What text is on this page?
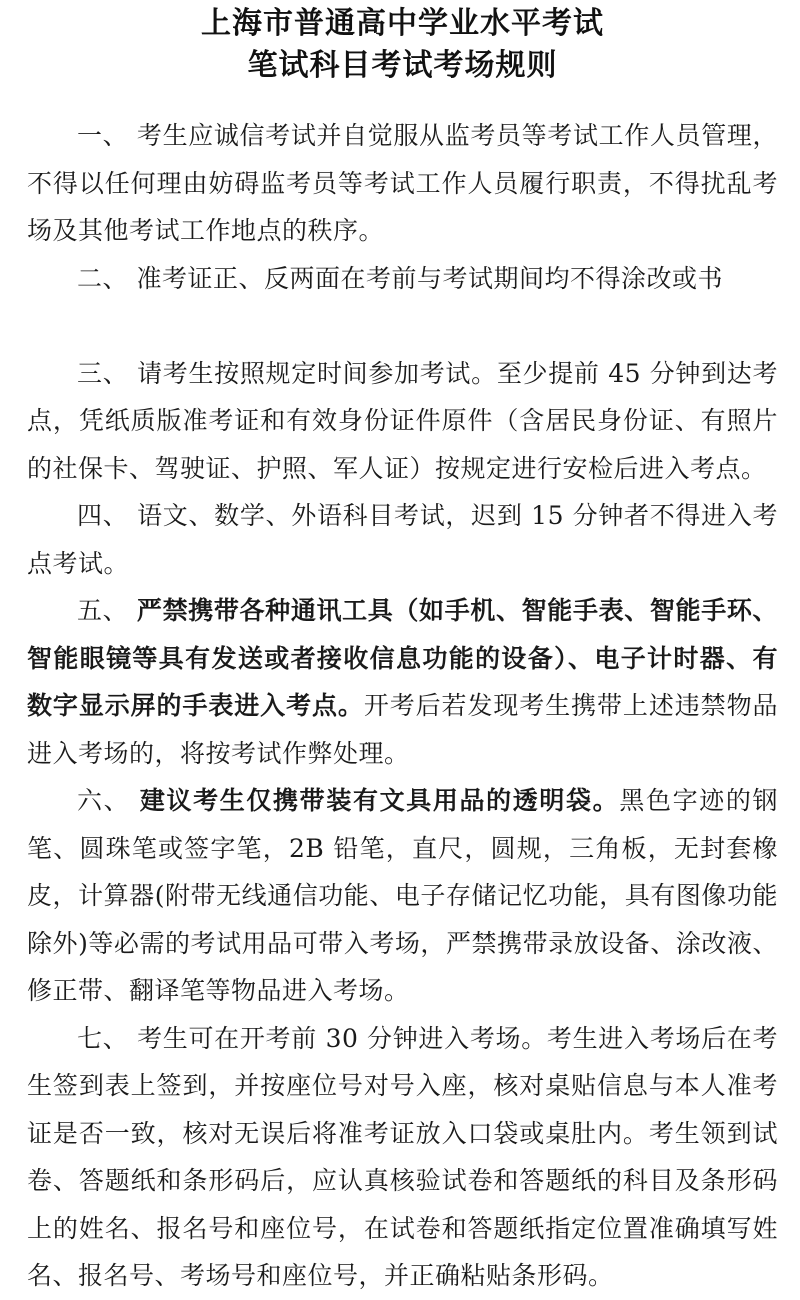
上海市普通高中学业水平考试
笔试科目考试考场规则

一、 考生应诚信考试并自觉服从监考员等考试工作人员管理，不得以任何理由妨碍监考员等考试工作人员履行职责，不得扰乱考场及其他考试工作地点的秩序。

二、 准考证正、反两面在考前与考试期间均不得涂改或书

三、 请考生按照规定时间参加考试。至少提前 45 分钟到达考点，凭纸质版准考证和有效身份证件原件（含居民身份证、有照片的社保卡、驾驶证、护照、军人证）按规定进行安检后进入考点。

四、 语文、数学、外语科目考试，迟到 15 分钟者不得进入考点考试。

五、 严禁携带各种通讯工具（如手机、智能手表、智能手环、智能眼镜等具有发送或者接收信息功能的设备）、电子计时器、有数字显示屏的手表进入考点。开考后若发现考生携带上述违禁物品进入考场的，将按考试作弊处理。

六、 建议考生仅携带装有文具用品的透明袋。黑色字迹的钢笔、圆珠笔或签字笔，2B 铅笔，直尺，圆规，三角板，无封套橡皮，计算器(附带无线通信功能、电子存储记忆功能，具有图像功能除外)等必需的考试用品可带入考场，严禁携带录放设备、涂改液、修正带、翻译笔等物品进入考场。

七、 考生可在开考前 30 分钟进入考场。考生进入考场后在考生签到表上签到，并按座位号对号入座，核对桌贴信息与本人准考证是否一致，核对无误后将准考证放入口袋或桌肚内。考生领到试卷、答题纸和条形码后，应认真核验试卷和答题纸的科目及条形码上的姓名、报名号和座位号，在试卷和答题纸指定位置准确填写姓名、报名号、考场号和座位号，并正确粘贴条形码。
